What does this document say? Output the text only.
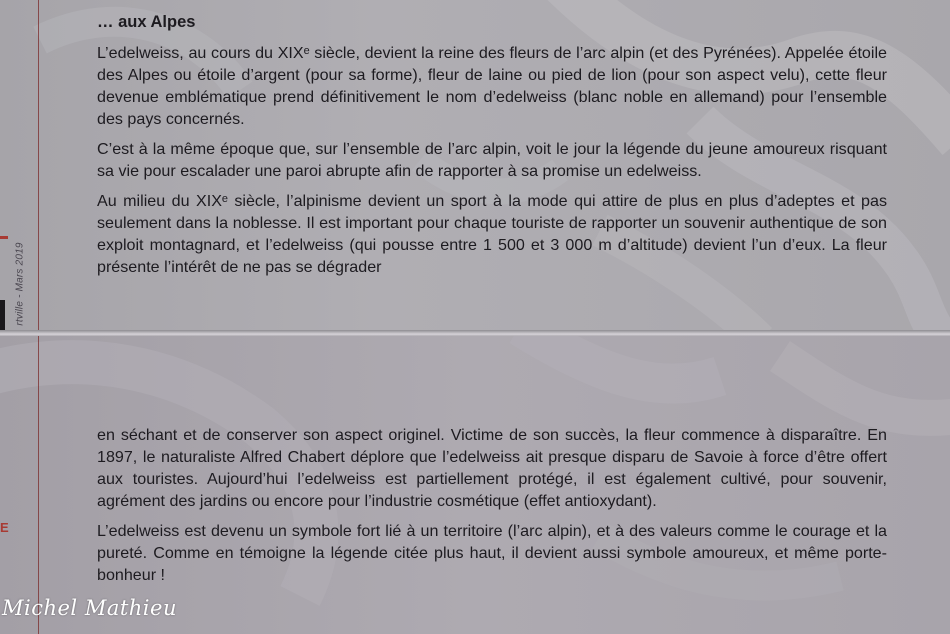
rtville - Mars 2019
… aux Alpes

L’edelweiss, au cours du XIXᵉ siècle, devient la reine des fleurs de l’arc alpin (et des Pyrénées). Appelée étoile des Alpes ou étoile d’argent (pour sa forme), fleur de laine ou pied de lion (pour son aspect velu), cette fleur devenue emblématique prend définitivement le nom d’edelweiss (blanc noble en allemand) pour l’ensemble des pays concernés.

C’est à la même époque que, sur l’ensemble de l’arc alpin, voit le jour la légende du jeune amoureux risquant sa vie pour escalader une paroi abrupte afin de rapporter à sa promise un edelweiss.

Au milieu du XIXᵉ siècle, l’alpinisme devient un sport à la mode qui attire de plus en plus d’adeptes et pas seulement dans la noblesse. Il est important pour chaque touriste de rapporter un souvenir authentique de son exploit montagnard, et l’edelweiss (qui pousse entre 1 500 et 3 000 m d’altitude) devient l’un d’eux. La fleur présente l’intérêt de ne pas se dégrader

E

en séchant et de conserver son aspect originel. Victime de son succès, la fleur commence à disparaître. En 1897, le naturaliste Alfred Chabert déplore que l’edelweiss ait presque disparu de Savoie à force d’être offert aux touristes. Aujourd’hui l’edelweiss est partiellement protégé, il est également cultivé, pour souvenir, agrément des jardins ou encore pour l’industrie cosmétique (effet antioxydant).

L’edelweiss est devenu un symbole fort lié à un territoire (l’arc alpin), et à des valeurs comme le courage et la pureté. Comme en témoigne la légende citée plus haut, il devient aussi symbole amoureux, et même porte-bonheur !

Michel Mathieu
